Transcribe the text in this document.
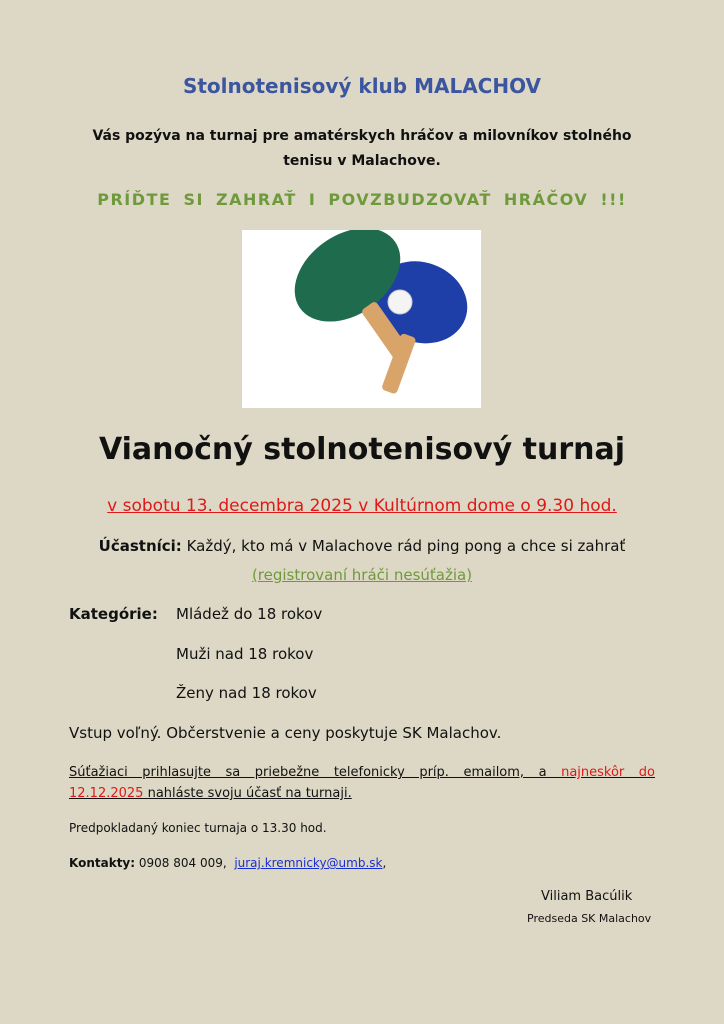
Stolnotenisový klub MALACHOV
Vás pozýva na turnaj pre amatérskych hráčov a milovníkov stolného tenisu v Malachove.
PRÍĎTE SI ZAHRAŤ I POVZBUDZOVAŤ HRÁČOV !!!
Vianočný stolnotenisový turnaj
v sobotu 13. decembra 2025 v Kultúrnom dome o 9.30 hod.
Účastníci: Každý, kto má v Malachove rád ping pong a chce si zahrať
(registrovaní hráči nesúťažia)
Kategórie: Mládež do 18 rokov
Muži nad 18 rokov
Ženy nad 18 rokov
Vstup voľný. Občerstvenie a ceny poskytuje SK Malachov.
Súťažiaci prihlasujte sa priebežne telefonicky príp. emailom, a najneskôr do
12.12.2025 nahláste svoju účasť na turnaji.
Predpokladaný koniec turnaja o 13.30 hod.
Kontakty: 0908 804 009, juraj.kremnicky@umb.sk,
Viliam Bacúlik
Predseda SK Malachov
